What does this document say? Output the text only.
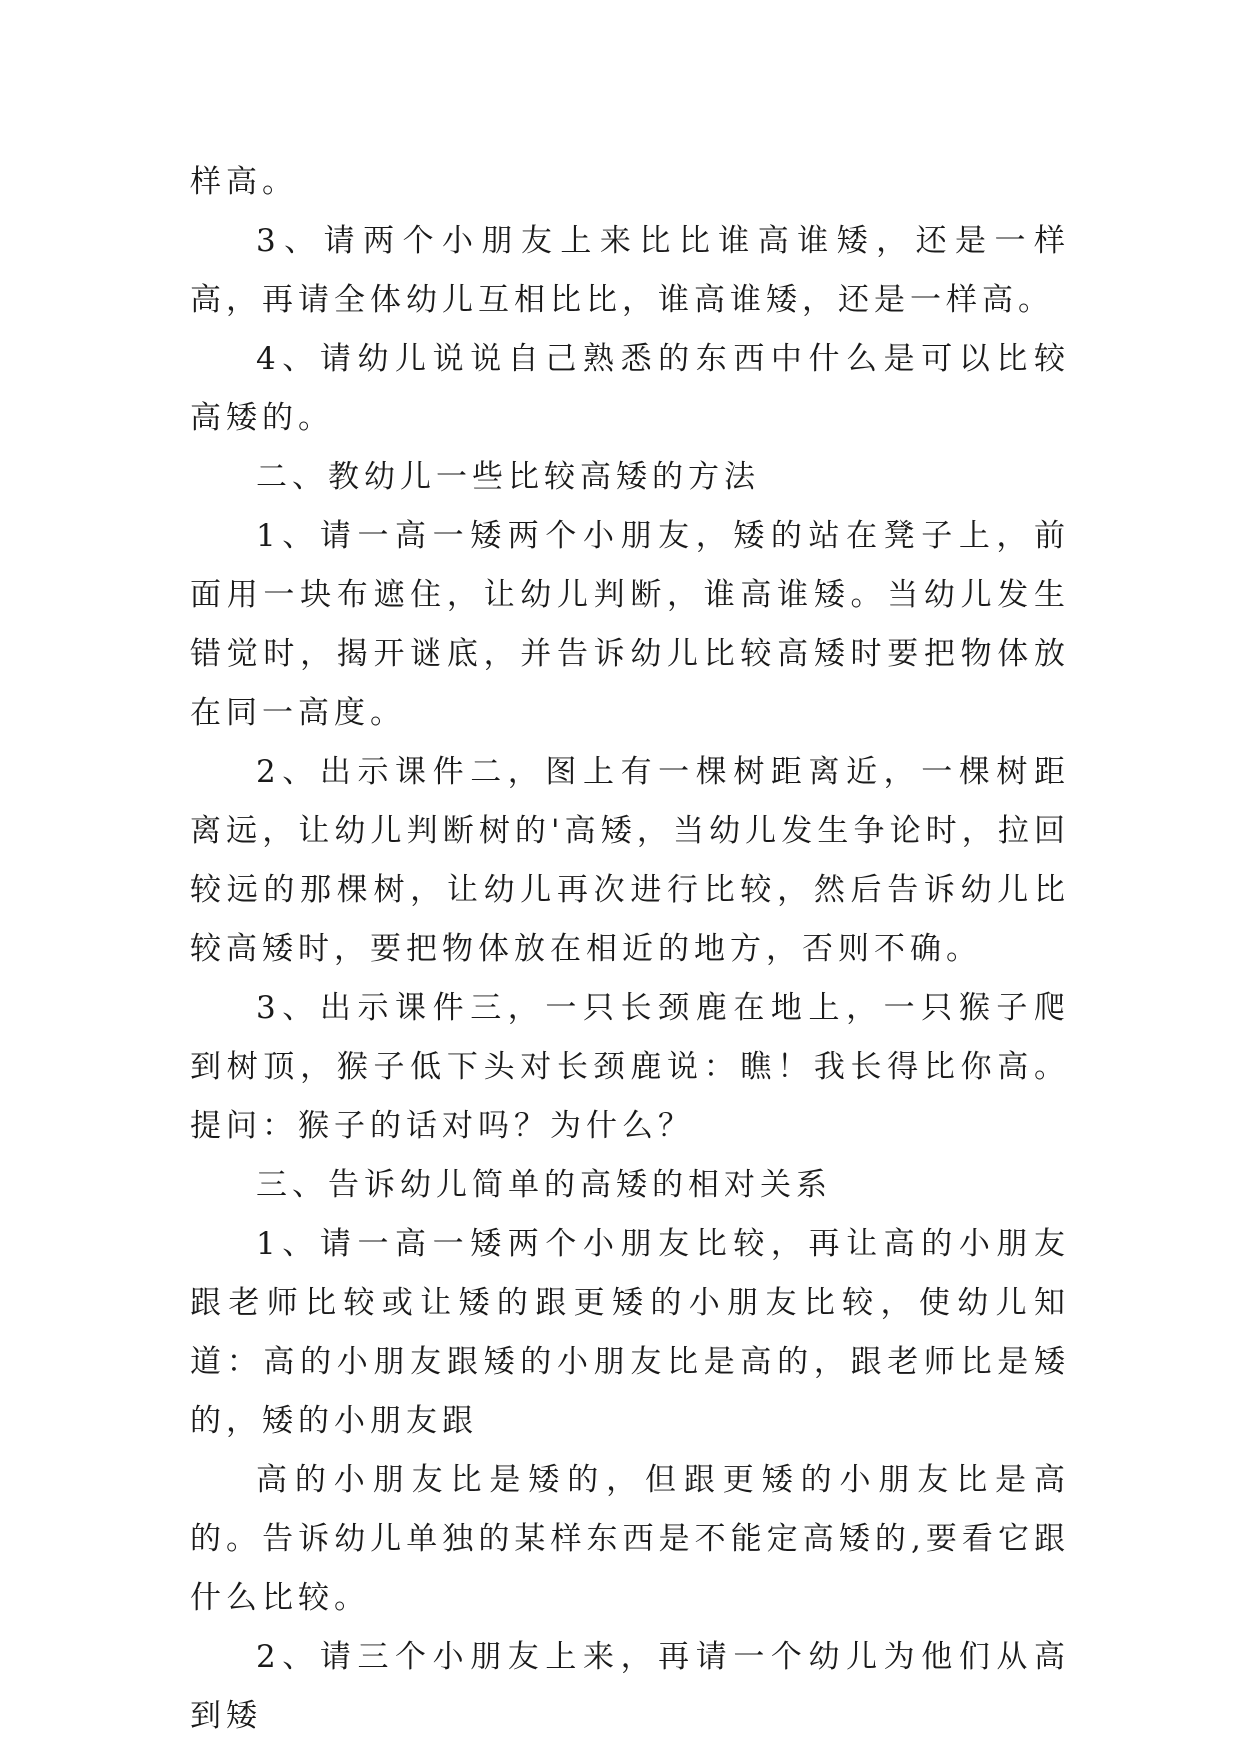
样高。

3、请两个小朋友上来比比谁高谁矮，还是一样高，再请全体幼儿互相比比，谁高谁矮，还是一样高。

4、请幼儿说说自己熟悉的东西中什么是可以比较高矮的。

二、教幼儿一些比较高矮的方法

1、请一高一矮两个小朋友，矮的站在凳子上，前面用一块布遮住，让幼儿判断，谁高谁矮。当幼儿发生错觉时，揭开谜底，并告诉幼儿比较高矮时要把物体放在同一高度。

2、出示课件二，图上有一棵树距离近，一棵树距离远，让幼儿判断树的'高矮，当幼儿发生争论时，拉回较远的那棵树，让幼儿再次进行比较，然后告诉幼儿比较高矮时，要把物体放在相近的地方，否则不确。

3、出示课件三，一只长颈鹿在地上，一只猴子爬到树顶，猴子低下头对长颈鹿说：瞧！我长得比你高。提问：猴子的话对吗？为什么？

三、告诉幼儿简单的高矮的相对关系

1、请一高一矮两个小朋友比较，再让高的小朋友跟老师比较或让矮的跟更矮的小朋友比较，使幼儿知道：高的小朋友跟矮的小朋友比是高的，跟老师比是矮的，矮的小朋友跟

高的小朋友比是矮的，但跟更矮的小朋友比是高的。告诉幼儿单独的某样东西是不能定高矮的,要看它跟什么比较。

2、请三个小朋友上来，再请一个幼儿为他们从高到矮
